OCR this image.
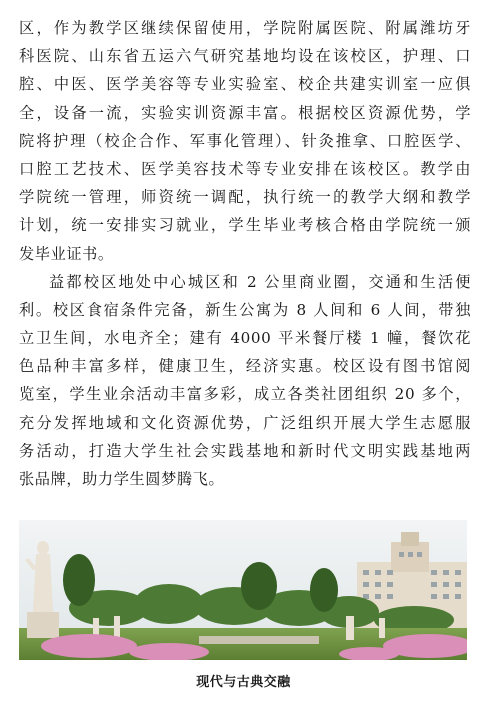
区，作为教学区继续保留使用，学院附属医院、附属潍坊牙
科医院、山东省五运六气研究基地均设在该校区，护理、口
腔、中医、医学美容等专业实验室、校企共建实训室一应俱
全，设备一流，实验实训资源丰富。根据校区资源优势，学
院将护理（校企合作、军事化管理）、针灸推拿、口腔医学、
口腔工艺技术、医学美容技术等专业安排在该校区。教学由
学院统一管理，师资统一调配，执行统一的教学大纲和教学
计划，统一安排实习就业，学生毕业考核合格由学院统一颁
发毕业证书。
益都校区地处中心城区和 2 公里商业圈，交通和生活便
利。校区食宿条件完备，新生公寓为 8 人间和 6 人间，带独
立卫生间，水电齐全；建有 4000 平米餐厅楼 1 幢，餐饮花
色品种丰富多样，健康卫生，经济实惠。校区设有图书馆阅
览室，学生业余活动丰富多彩，成立各类社团组织 20 多个，
充分发挥地域和文化资源优势，广泛组织开展大学生志愿服
务活动，打造大学生社会实践基地和新时代文明实践基地两
张品牌，助力学生圆梦腾飞。
现代与古典交融
